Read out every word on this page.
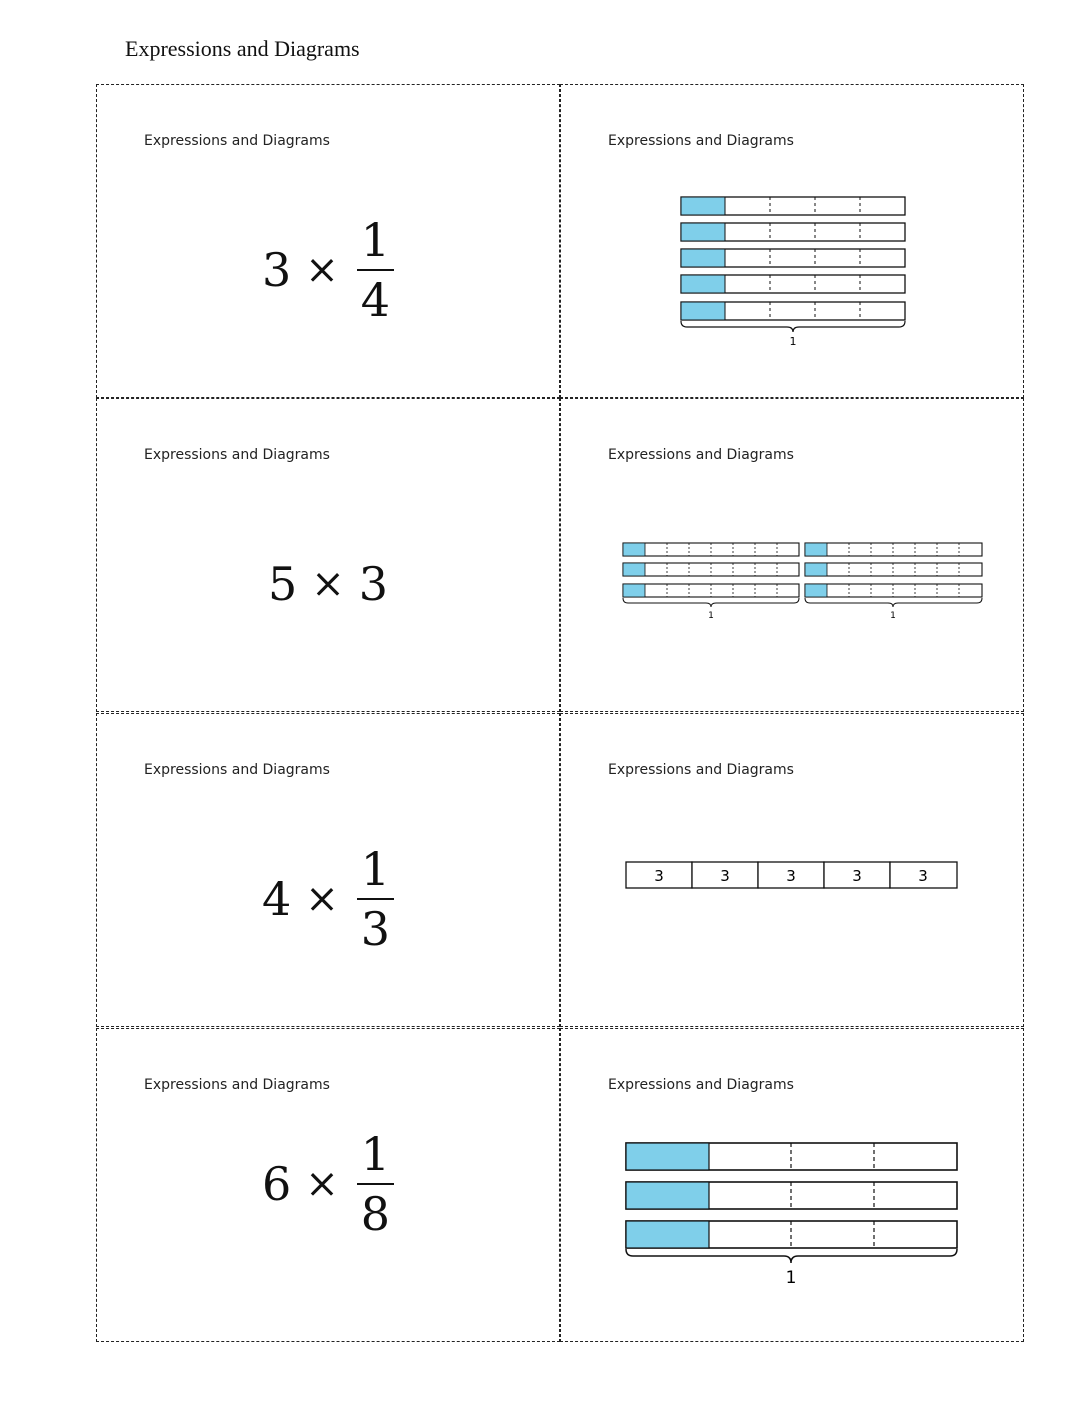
Expressions and Diagrams
Expressions and Diagrams
$3 \times \frac{1}{4}$
Expressions and Diagrams
1
Expressions and Diagrams
5 × 3
Expressions and Diagrams
1	1
Expressions and Diagrams
$4 \times \frac{1}{3}$
Expressions and Diagrams
3	3	3	3	3
Expressions and Diagrams
$6 \times \frac{1}{8}$
Expressions and Diagrams
1
